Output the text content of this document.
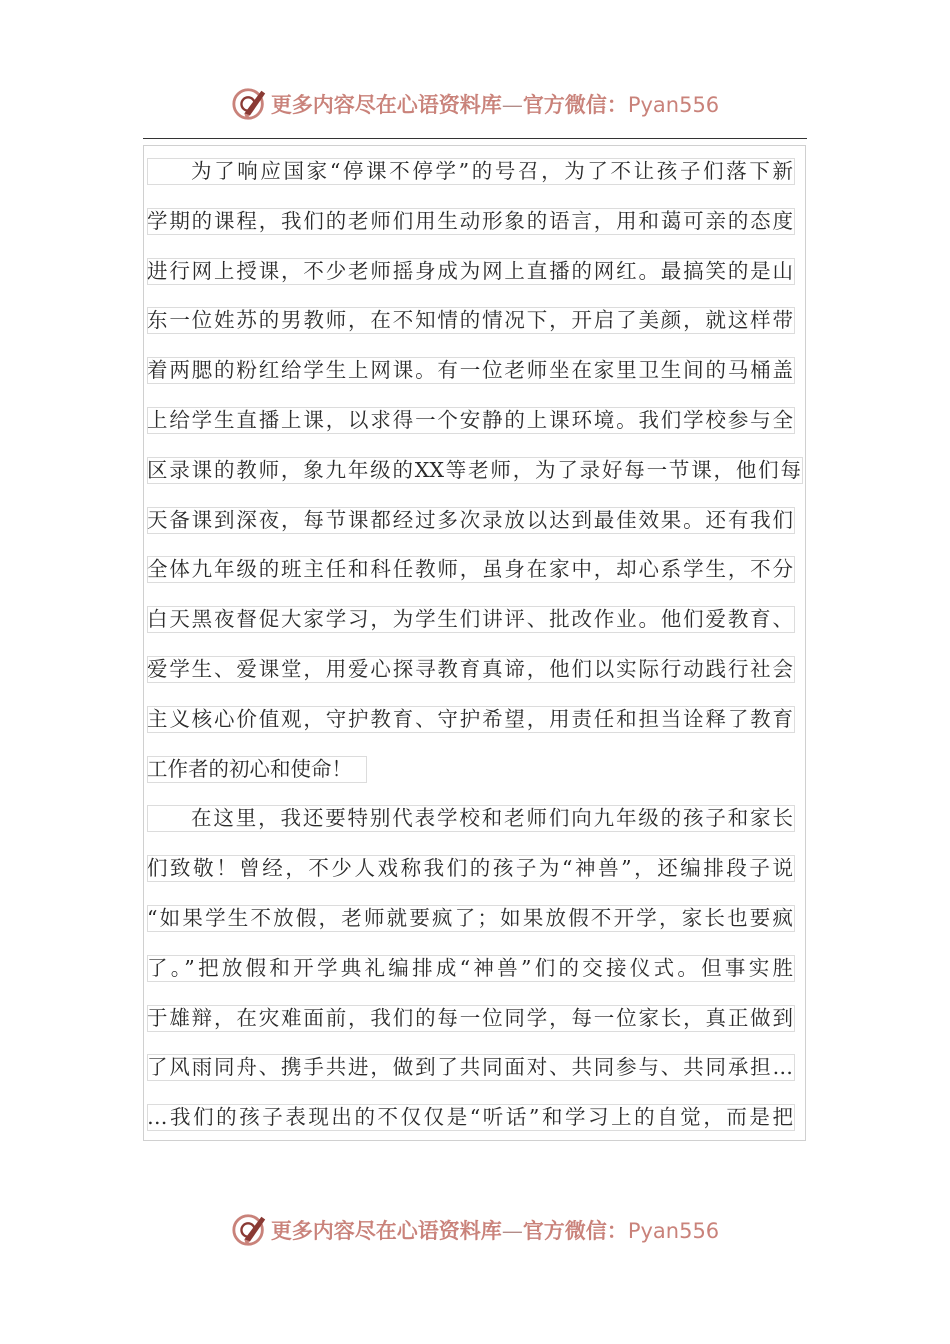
更多内容尽在心语资料库—官方微信：Pyan556
为了响应国家“停课不停学”的号召，为了不让孩子们落下新
学期的课程，我们的老师们用生动形象的语言，用和蔼可亲的态度
进行网上授课，不少老师摇身成为网上直播的网红。最搞笑的是山
东一位姓苏的男教师，在不知情的情况下，开启了美颜，就这样带
着两腮的粉红给学生上网课。有一位老师坐在家里卫生间的马桶盖
上给学生直播上课，以求得一个安静的上课环境。我们学校参与全
区录课的教师，象九年级的XX等老师，为了录好每一节课，他们每
天备课到深夜，每节课都经过多次录放以达到最佳效果。还有我们
全体九年级的班主任和科任教师，虽身在家中，却心系学生，不分
白天黑夜督促大家学习，为学生们讲评、批改作业。他们爱教育、
爱学生、爱课堂，用爱心探寻教育真谛，他们以实际行动践行社会
主义核心价值观，守护教育、守护希望，用责任和担当诠释了教育
工作者的初心和使命！
在这里，我还要特别代表学校和老师们向九年级的孩子和家长
们致敬！曾经，不少人戏称我们的孩子为“神兽”，还编排段子说
“如果学生不放假，老师就要疯了；如果放假不开学，家长也要疯
了。”把放假和开学典礼编排成“神兽”们的交接仪式。但事实胜
于雄辩，在灾难面前，我们的每一位同学，每一位家长，真正做到
了风雨同舟、携手共进，做到了共同面对、共同参与、共同承担…
…我们的孩子表现出的不仅仅是“听话”和学习上的自觉，而是把
更多内容尽在心语资料库—官方微信：Pyan556
